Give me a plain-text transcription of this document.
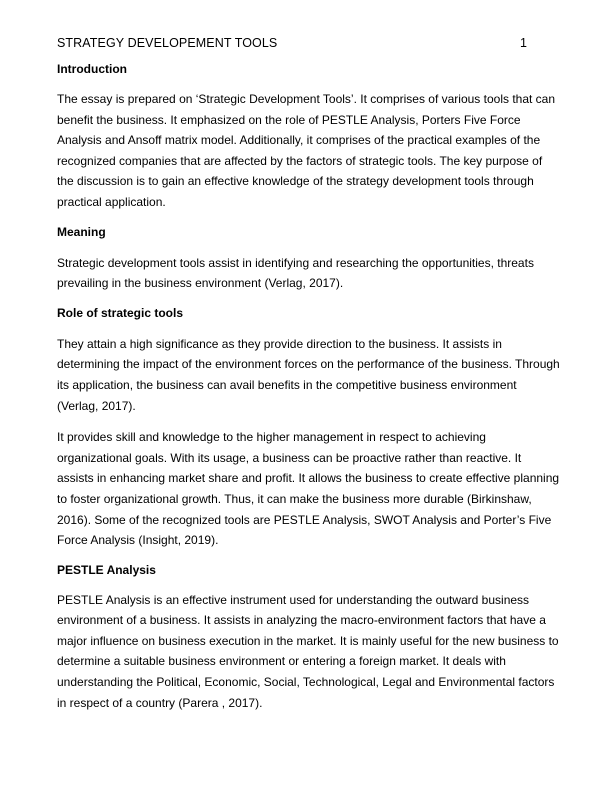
STRATEGY DEVELOPEMENT TOOLS	1

Introduction

The essay is prepared on ‘Strategic Development Tools’. It comprises of various tools that can benefit the business. It emphasized on the role of PESTLE Analysis, Porters Five Force Analysis and Ansoff matrix model. Additionally, it comprises of the practical examples of the recognized companies that are affected by the factors of strategic tools. The key purpose of the discussion is to gain an effective knowledge of the strategy development tools through practical application.

Meaning

Strategic development tools assist in identifying and researching the opportunities, threats prevailing in the business environment (Verlag, 2017).

Role of strategic tools

They attain a high significance as they provide direction to the business. It assists in determining the impact of the environment forces on the performance of the business. Through its application, the business can avail benefits in the competitive business environment (Verlag, 2017).

It provides skill and knowledge to the higher management in respect to achieving organizational goals. With its usage, a business can be proactive rather than reactive. It assists in enhancing market share and profit. It allows the business to create effective planning to foster organizational growth. Thus, it can make the business more durable (Birkinshaw, 2016). Some of the recognized tools are PESTLE Analysis, SWOT Analysis and Porter’s Five Force Analysis (Insight, 2019).

PESTLE Analysis

PESTLE Analysis is an effective instrument used for understanding the outward business environment of a business. It assists in analyzing the macro-environment factors that have a major influence on business execution in the market. It is mainly useful for the new business to determine a suitable business environment or entering a foreign market. It deals with understanding the Political, Economic, Social, Technological, Legal and Environmental factors in respect of a country (Parera , 2017).
